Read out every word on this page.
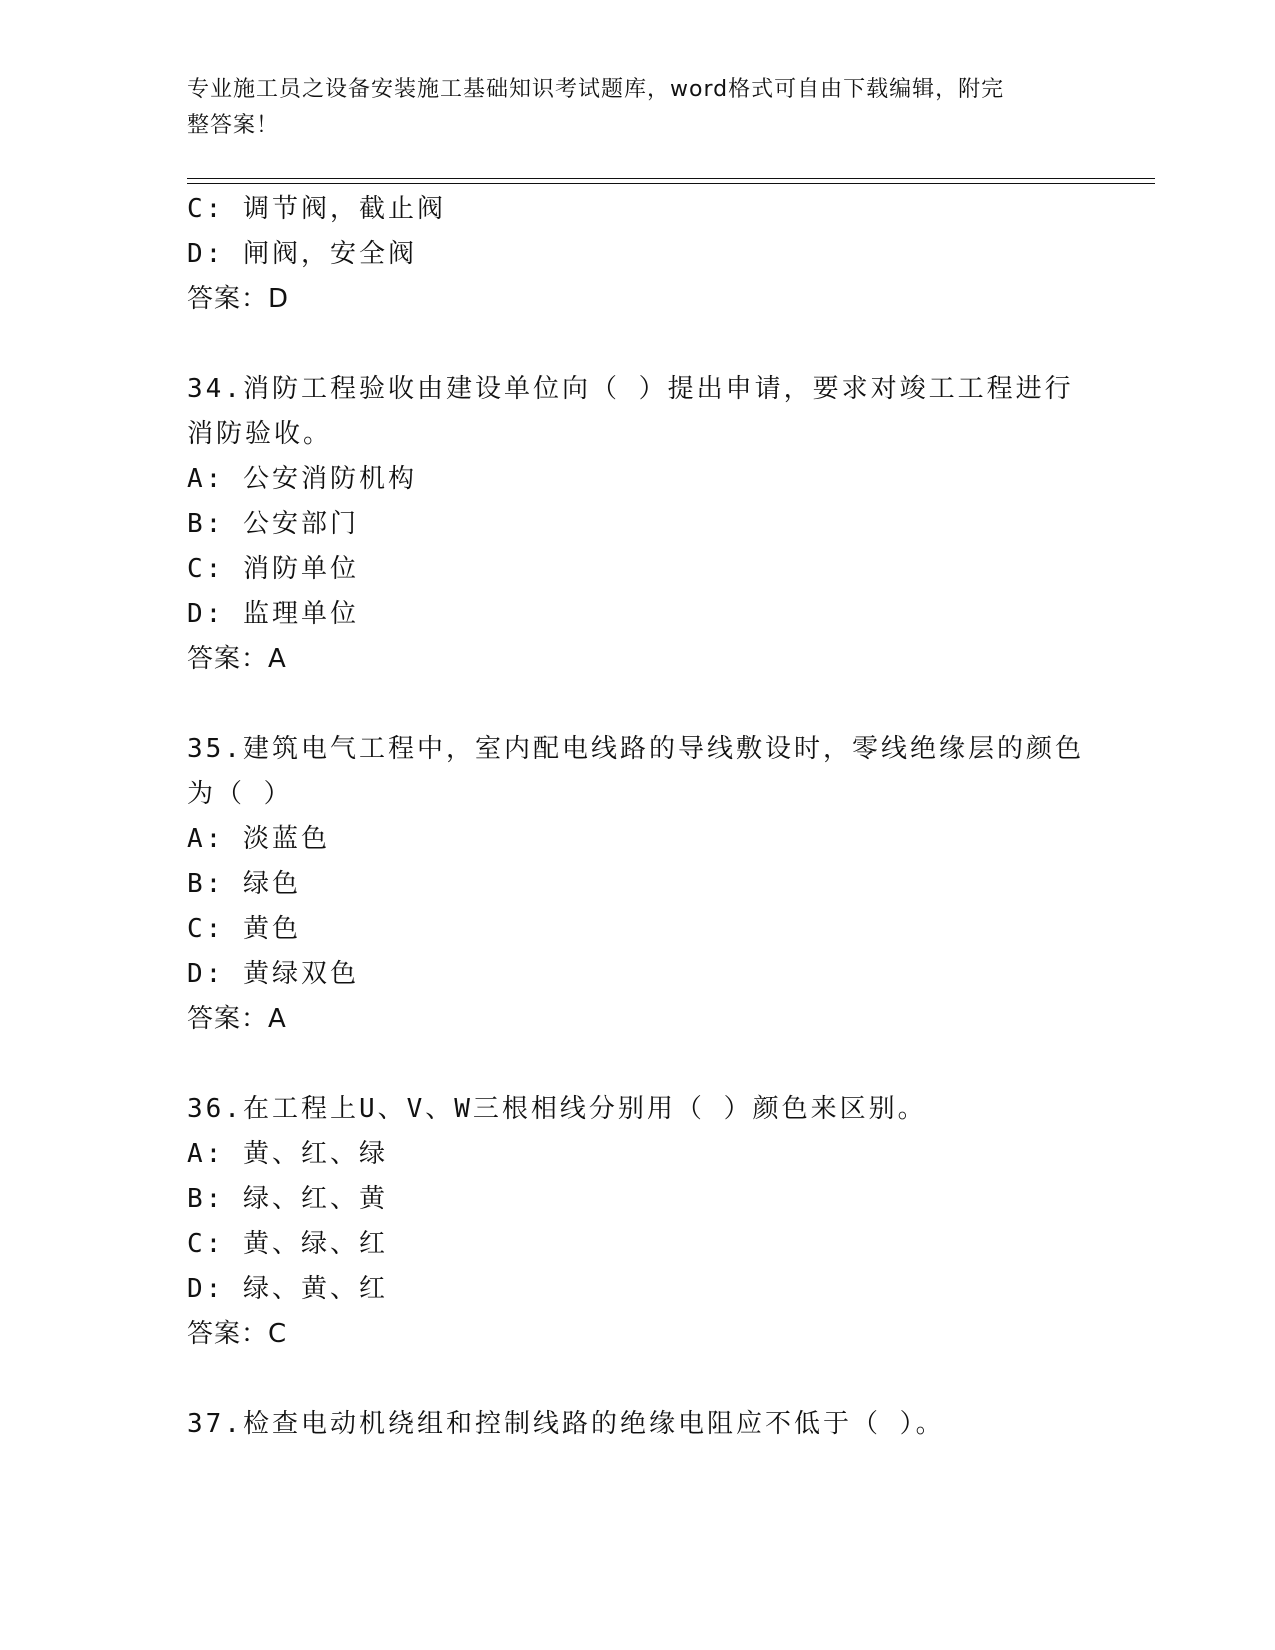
专业施工员之设备安装施工基础知识考试题库，word格式可自由下载编辑，附完
整答案！
C: 调节阀，截止阀
D: 闸阀，安全阀
答案：D
34.消防工程验收由建设单位向（ ）提出申请，要求对竣工工程进行
消防验收。
A: 公安消防机构
B: 公安部门
C: 消防单位
D: 监理单位
答案：A
35.建筑电气工程中，室内配电线路的导线敷设时，零线绝缘层的颜色
为（ ）
A: 淡蓝色
B: 绿色
C: 黄色
D: 黄绿双色
答案：A
36.在工程上U、V、W三根相线分别用（ ）颜色来区别。
A: 黄、红、绿
B: 绿、红、黄
C: 黄、绿、红
D: 绿、黄、红
答案：C
37.检查电动机绕组和控制线路的绝缘电阻应不低于（ ）。
